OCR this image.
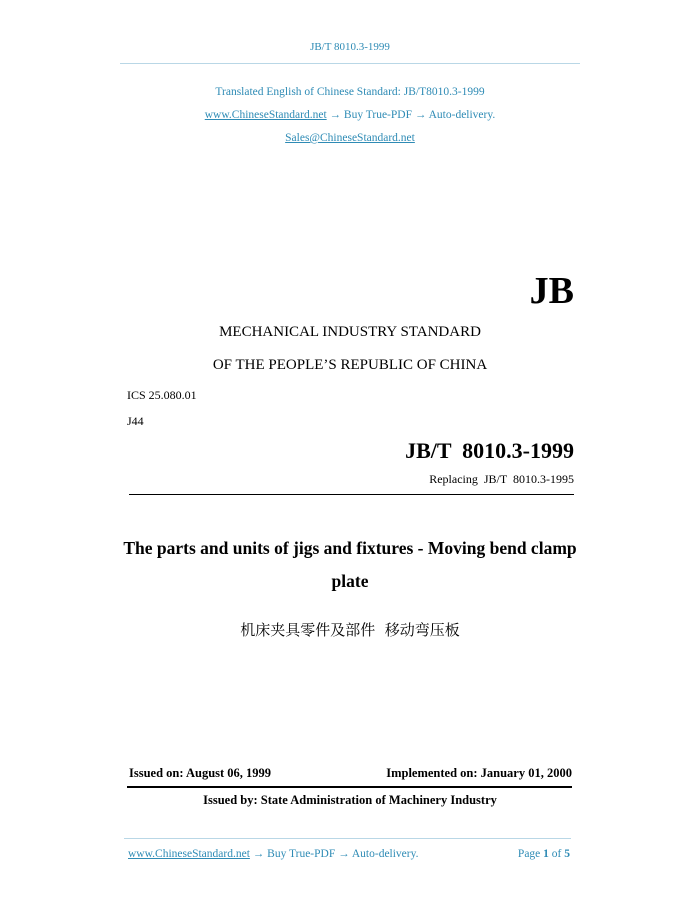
JB/T 8010.3-1999
Translated English of Chinese Standard: JB/T8010.3-1999
www.ChineseStandard.net → Buy True-PDF → Auto-delivery.
Sales@ChineseStandard.net
JB
MECHANICAL INDUSTRY STANDARD
OF THE PEOPLE’S REPUBLIC OF CHINA
ICS 25.080.01
J44
JB/T  8010.3-1999
Replacing  JB/T  8010.3-1995
The parts and units of jigs and fixtures - Moving bend clamp
plate
机床夹具零件及部件  移动弯压板
Issued on: August 06, 1999	Implemented on: January 01, 2000
Issued by: State Administration of Machinery Industry
www.ChineseStandard.net → Buy True-PDF → Auto-delivery.	Page 1 of 5
